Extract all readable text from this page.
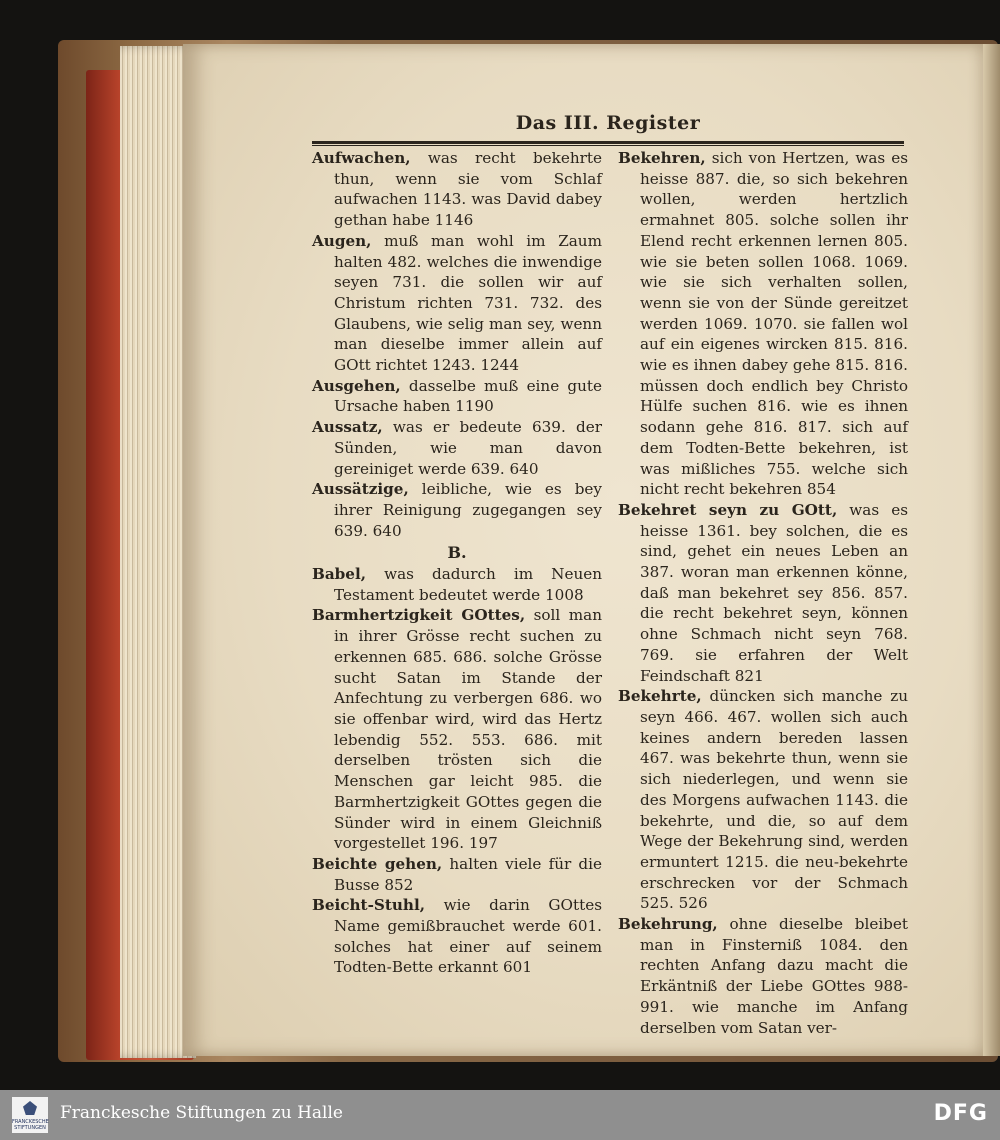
Das III. Register
Aufwachen, was recht bekehrte thun, wenn sie vom Schlaf aufwachen 1143. was David dabey gethan habe 1146
Augen, muß man wohl im Zaum halten 482. welches die inwendige seyen 731. die sollen wir auf Christum richten 731. 732. des Glaubens, wie selig man sey, wenn man dieselbe immer allein auf GOtt richtet 1243. 1244
Ausgehen, dasselbe muß eine gute Ursache haben 1190
Aussatz, was er bedeute 639. der Sünden, wie man davon gereiniget werde 639. 640
Aussätzige, leibliche, wie es bey ihrer Reinigung zugegangen sey 639. 640
B.
Babel, was dadurch im Neuen Testament bedeutet werde 1008
Barmhertzigkeit GOttes, soll man in ihrer Grösse recht suchen zu erkennen 685. 686. solche Grösse sucht Satan im Stande der Anfechtung zu verbergen 686. wo sie offenbar wird, wird das Hertz lebendig 552. 553. 686. mit derselben trösten sich die Menschen gar leicht 985. die Barmhertzigkeit GOttes gegen die Sünder wird in einem Gleichniß vorgestellet 196. 197
Beichte gehen, halten viele für die Busse 852
Beicht-Stuhl, wie darin GOttes Name gemißbrauchet werde 601. solches hat einer auf seinem Todten-Bette erkannt 601
Bekehren, sich von Hertzen, was es heisse 887. die, so sich bekehren wollen, werden hertzlich ermahnet 805. solche sollen ihr Elend recht erkennen lernen 805. wie sie beten sollen 1068. 1069. wie sie sich verhalten sollen, wenn sie von der Sünde gereitzet werden 1069. 1070. sie fallen wol auf ein eigenes wircken 815. 816. wie es ihnen dabey gehe 815. 816. müssen doch endlich bey Christo Hülfe suchen 816. wie es ihnen sodann gehe 816. 817. sich auf dem Todten-Bette bekehren, ist was mißliches 755. welche sich nicht recht bekehren 854
Bekehret seyn zu GOtt, was es heisse 1361. bey solchen, die es sind, gehet ein neues Leben an 387. woran man erkennen könne, daß man bekehret sey 856. 857. die recht bekehret seyn, können ohne Schmach nicht seyn 768. 769. sie erfahren der Welt Feindschaft 821
Bekehrte, düncken sich manche zu seyn 466. 467. wollen sich auch keines andern bereden lassen 467. was bekehrte thun, wenn sie sich niederlegen, und wenn sie des Morgens aufwachen 1143. die bekehrte, und die, so auf dem Wege der Bekehrung sind, werden ermuntert 1215. die neu-bekehrte erschrecken vor der Schmach 525. 526
Bekehrung, ohne dieselbe bleibet man in Finsterniß 1084. den rechten Anfang dazu macht die Erkäntniß der Liebe GOttes 988-991. wie manche im Anfang derselben vom Satan ver-
FRANCKESCHE STIFTUNGEN
Franckesche Stiftungen zu Halle	DFG
